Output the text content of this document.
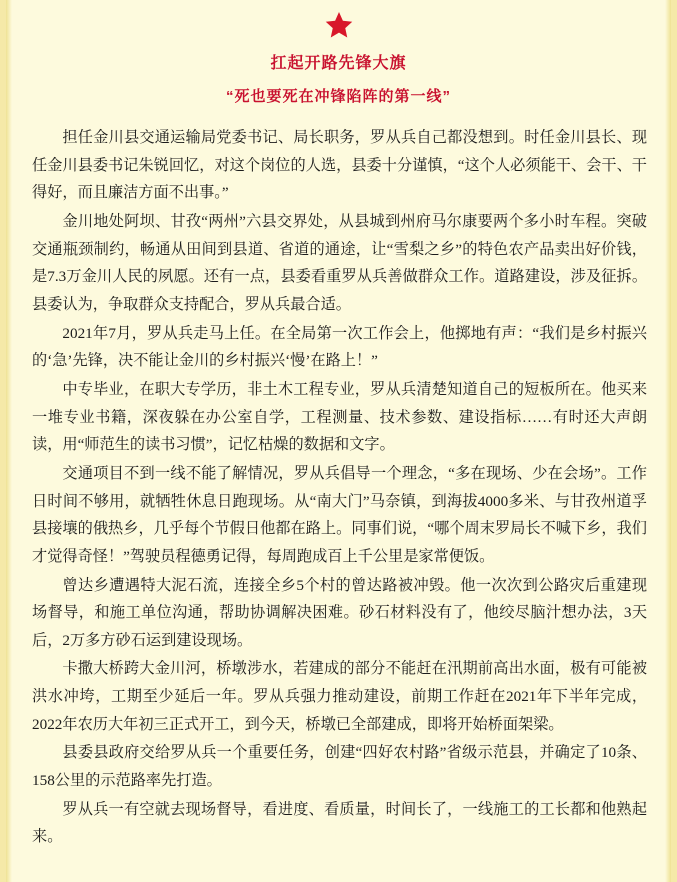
扛起开路先锋大旗
“死也要死在冲锋陷阵的第一线”

担任金川县交通运输局党委书记、局长职务，罗从兵自己都没想到。时任金川县长、现任金川县委书记朱锐回忆，对这个岗位的人选，县委十分谨慎，“这个人必须能干、会干、干得好，而且廉洁方面不出事。”

金川地处阿坝、甘孜“两州”六县交界处，从县城到州府马尔康要两个多小时车程。突破交通瓶颈制约，畅通从田间到县道、省道的通途，让“雪梨之乡”的特色农产品卖出好价钱，是7.3万金川人民的夙愿。还有一点，县委看重罗从兵善做群众工作。道路建设，涉及征拆。县委认为，争取群众支持配合，罗从兵最合适。

2021年7月，罗从兵走马上任。在全局第一次工作会上，他掷地有声：“我们是乡村振兴的‘急’先锋，决不能让金川的乡村振兴‘慢’在路上！”

中专毕业，在职大专学历，非土木工程专业，罗从兵清楚知道自己的短板所在。他买来一堆专业书籍，深夜躲在办公室自学，工程测量、技术参数、建设指标……有时还大声朗读，用“师范生的读书习惯”，记忆枯燥的数据和文字。

交通项目不到一线不能了解情况，罗从兵倡导一个理念，“多在现场、少在会场”。工作日时间不够用，就牺牲休息日跑现场。从“南大门”马奈镇，到海拔4000多米、与甘孜州道孚县接壤的俄热乡，几乎每个节假日他都在路上。同事们说，“哪个周末罗局长不喊下乡，我们才觉得奇怪！”驾驶员程德勇记得，每周跑成百上千公里是家常便饭。

曾达乡遭遇特大泥石流，连接全乡5个村的曾达路被冲毁。他一次次到公路灾后重建现场督导，和施工单位沟通，帮助协调解决困难。砂石材料没有了，他绞尽脑汁想办法，3天后，2万多方砂石运到建设现场。

卡撒大桥跨大金川河，桥墩涉水，若建成的部分不能赶在汛期前高出水面，极有可能被洪水冲垮，工期至少延后一年。罗从兵强力推动建设，前期工作赶在2021年下半年完成，2022年农历大年初三正式开工，到今天，桥墩已全部建成，即将开始桥面架梁。

县委县政府交给罗从兵一个重要任务，创建“四好农村路”省级示范县，并确定了10条、158公里的示范路率先打造。

罗从兵一有空就去现场督导，看进度、看质量，时间长了，一线施工的工长都和他熟起来。
